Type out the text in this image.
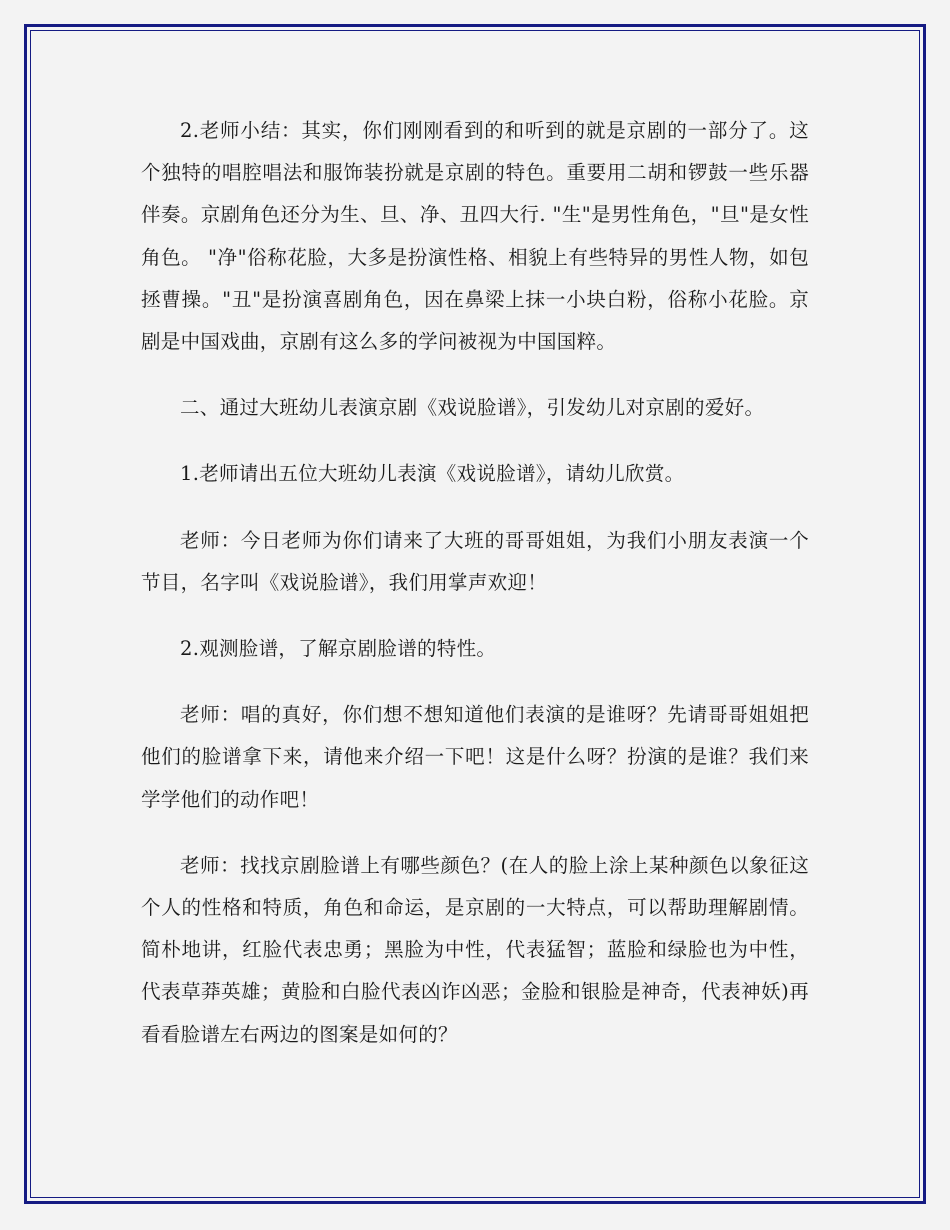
2.老师小结：其实，你们刚刚看到的和听到的就是京剧的一部分了。这个独特的唱腔唱法和服饰装扮就是京剧的特色。重要用二胡和锣鼓一些乐器伴奏。京剧角色还分为生、旦、净、丑四大行. "生"是男性角色，"旦"是女性角色。 "净"俗称花脸，大多是扮演性格、相貌上有些特异的男性人物，如包拯曹操。"丑"是扮演喜剧角色，因在鼻梁上抹一小块白粉，俗称小花脸。京剧是中国戏曲，京剧有这么多的学问被视为中国国粹。

二、通过大班幼儿表演京剧《戏说脸谱》，引发幼儿对京剧的爱好。

1.老师请出五位大班幼儿表演《戏说脸谱》，请幼儿欣赏。

老师：今日老师为你们请来了大班的哥哥姐姐，为我们小朋友表演一个节目，名字叫《戏说脸谱》，我们用掌声欢迎！

2.观测脸谱，了解京剧脸谱的特性。

老师：唱的真好，你们想不想知道他们表演的是谁呀？先请哥哥姐姐把他们的脸谱拿下来，请他来介绍一下吧！这是什么呀？扮演的是谁？我们来学学他们的动作吧！

老师：找找京剧脸谱上有哪些颜色？(在人的脸上涂上某种颜色以象征这个人的性格和特质，角色和命运，是京剧的一大特点，可以帮助理解剧情。简朴地讲，红脸代表忠勇；黑脸为中性，代表猛智；蓝脸和绿脸也为中性，代表草莽英雄；黄脸和白脸代表凶诈凶恶；金脸和银脸是神奇，代表神妖)再看看脸谱左右两边的图案是如何的？
